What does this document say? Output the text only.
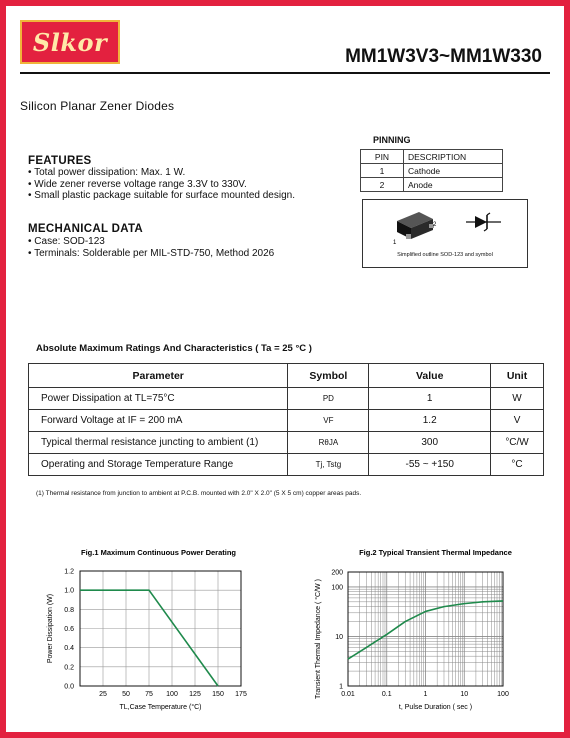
Slkor	MM1W3V3~MM1W330
Silicon Planar Zener Diodes
FEATURES
• Total power dissipation: Max. 1 W.
• Wide zener reverse voltage range 3.3V to 330V.
• Small plastic package suitable for surface mounted design.
MECHANICAL DATA
• Case: SOD-123
• Terminals: Solderable per MIL-STD-750, Method 2026
PINNING
PIN	DESCRIPTION
1	Cathode
2	Anode
2
1
Simplified outline SOD-123 and symbol
Absolute Maximum Ratings And Characteristics ( Ta = 25 °C )
Parameter	Symbol	Value	Unit
Power Dissipation at TL=75°C	PD	1	W
Forward Voltage at IF = 200 mA	VF	1.2	V
Typical thermal resistance juncting to ambient (1)	RθJA	300	°C/W
Operating and Storage Temperature Range	Tj, Tstg	-55 ~ +150	°C
(1) Thermal resistance from junction to ambient at P.C.B. mounted with 2.0" X 2.0" (5 X 5 cm) copper areas pads.
Fig.1 Maximum Continuous Power Derating
25 50 75 100 125 150 175
0.0
0.2
0.4
0.6
0.8
1.0
1.2
TL,Case Temperature (°C)
Power Dissipation (W)
Fig.2 Typical Transient Thermal Impedance
0.01	0.1	1	10	100
1
10
100
200
t, Pulse Duration ( sec )
Transient Thermal Impedance ( °C/W )
